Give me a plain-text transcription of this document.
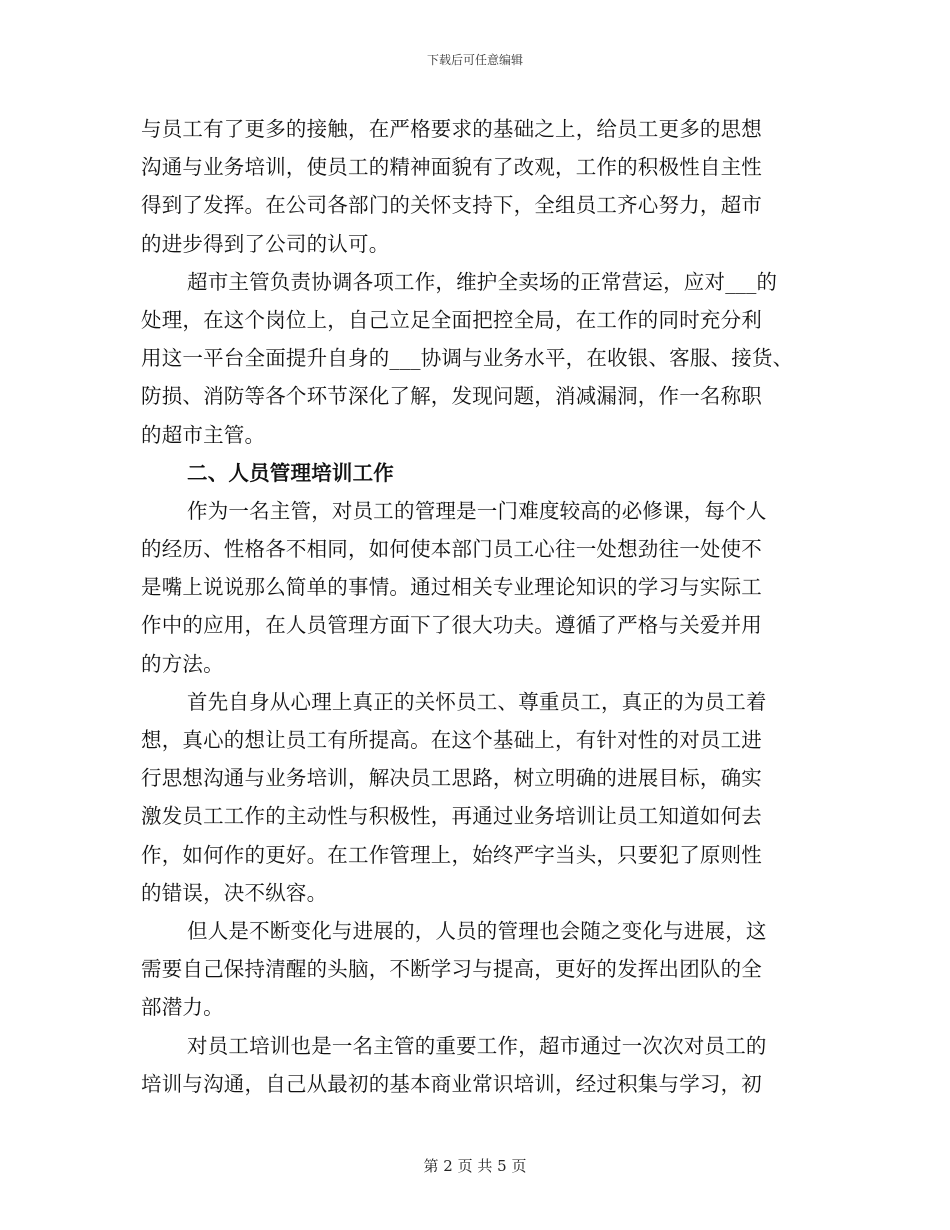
下载后可任意编辑
与员工有了更多的接触，在严格要求的基础之上，给员工更多的思想
沟通与业务培训，使员工的精神面貌有了改观，工作的积极性自主性
得到了发挥。在公司各部门的关怀支持下，全组员工齐心努力，超市
的进步得到了公司的认可。
超市主管负责协调各项工作，维护全卖场的正常营运，应对___的
处理，在这个岗位上，自己立足全面把控全局，在工作的同时充分利
用这一平台全面提升自身的___协调与业务水平，在收银、客服、接货、
防损、消防等各个环节深化了解，发现问题，消减漏洞，作一名称职
的超市主管。
二、人员管理培训工作
作为一名主管，对员工的管理是一门难度较高的必修课，每个人
的经历、性格各不相同，如何使本部门员工心往一处想劲往一处使不
是嘴上说说那么简单的事情。通过相关专业理论知识的学习与实际工
作中的应用，在人员管理方面下了很大功夫。遵循了严格与关爱并用
的方法。
首先自身从心理上真正的关怀员工、尊重员工，真正的为员工着
想，真心的想让员工有所提高。在这个基础上，有针对性的对员工进
行思想沟通与业务培训，解决员工思路，树立明确的进展目标，确实
激发员工工作的主动性与积极性，再通过业务培训让员工知道如何去
作，如何作的更好。在工作管理上，始终严字当头，只要犯了原则性
的错误，决不纵容。
但人是不断变化与进展的，人员的管理也会随之变化与进展，这
需要自己保持清醒的头脑，不断学习与提高，更好的发挥出团队的全
部潜力。
对员工培训也是一名主管的重要工作，超市通过一次次对员工的
培训与沟通，自己从最初的基本商业常识培训，经过积集与学习，初
第 2 页 共 5 页
